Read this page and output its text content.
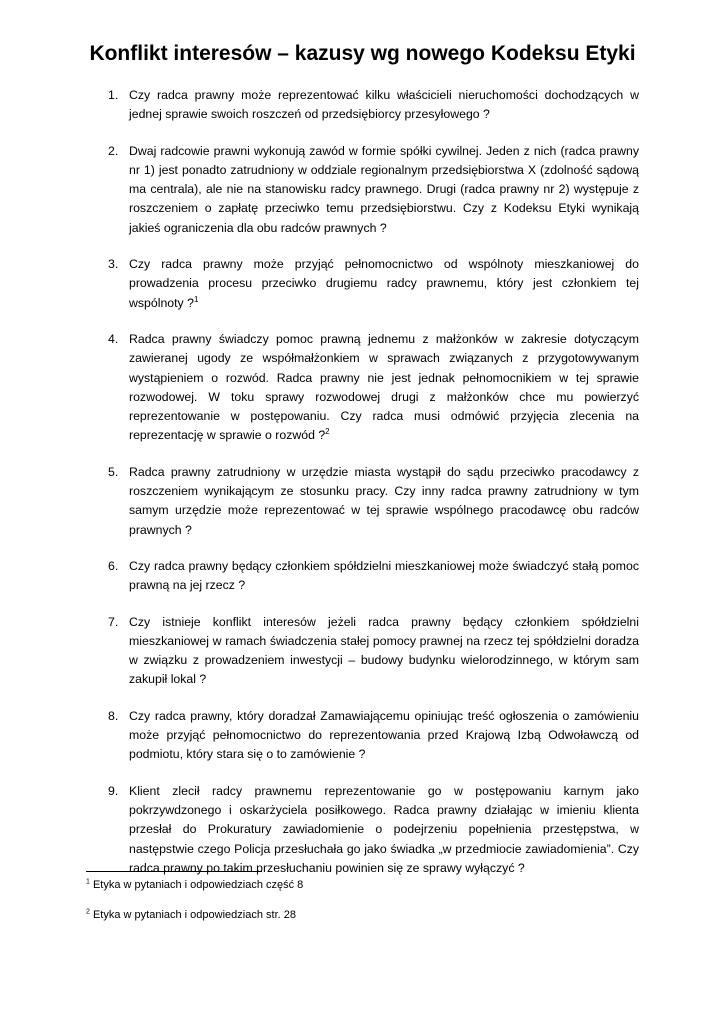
Konflikt interesów – kazusy wg nowego Kodeksu Etyki
1. Czy radca prawny może reprezentować kilku właścicieli nieruchomości dochodzących w jednej sprawie swoich roszczeń od przedsiębiorcy przesyłowego ?
2. Dwaj radcowie prawni wykonują zawód w formie spółki cywilnej. Jeden z nich (radca prawny nr 1) jest ponadto zatrudniony w oddziale regionalnym przedsiębiorstwa X (zdolność sądową ma centrala), ale nie na stanowisku radcy prawnego. Drugi (radca prawny nr 2) występuje z roszczeniem o zapłatę przeciwko temu przedsiębiorstwu. Czy z Kodeksu Etyki wynikają jakieś ograniczenia dla obu radców prawnych ?
3. Czy radca prawny może przyjąć pełnomocnictwo od wspólnoty mieszkaniowej do prowadzenia procesu przeciwko drugiemu radcy prawnemu, który jest członkiem tej wspólnoty ?$^1$
4. Radca prawny świadczy pomoc prawną jednemu z małżonków w zakresie dotyczącym zawieranej ugody ze współmałżonkiem w sprawach związanych z przygotowywanym wystąpieniem o rozwód. Radca prawny nie jest jednak pełnomocnikiem w tej sprawie rozwodowej. W toku sprawy rozwodowej drugi z małżonków chce mu powierzyć reprezentowanie w postępowaniu. Czy radca musi odmówić przyjęcia zlecenia na reprezentację w sprawie o rozwód ?$^2$
5. Radca prawny zatrudniony w urzędzie miasta wystąpił do sądu przeciwko pracodawcy z roszczeniem wynikającym ze stosunku pracy. Czy inny radca prawny zatrudniony w tym samym urzędzie może reprezentować w tej sprawie wspólnego pracodawcę obu radców prawnych ?
6. Czy radca prawny będący członkiem spółdzielni mieszkaniowej może świadczyć stałą pomoc prawną na jej rzecz ?
7. Czy istnieje konflikt interesów jeżeli radca prawny będący członkiem spółdzielni mieszkaniowej w ramach świadczenia stałej pomocy prawnej na rzecz tej spółdzielni doradza w związku z prowadzeniem inwestycji – budowy budynku wielorodzinnego, w którym sam zakupił lokal ?
8. Czy radca prawny, który doradzał Zamawiającemu opiniując treść ogłoszenia o zamówieniu może przyjąć pełnomocnictwo do reprezentowania przed Krajową Izbą Odwoławczą od podmiotu, który stara się o to zamówienie ?
9. Klient zlecił radcy prawnemu reprezentowanie go w postępowaniu karnym jako pokrzywdzonego i oskarżyciela posiłkowego. Radca prawny działając w imieniu klienta przesłał do Prokuratury zawiadomienie o podejrzeniu popełnienia przestępstwa, w następstwie czego Policja przesłuchała go jako świadka „w przedmiocie zawiadomienia”. Czy radca prawny po takim przesłuchaniu powinien się ze sprawy wyłączyć ?
$^1$ Etyka w pytaniach i odpowiedziach część 8
$^2$ Etyka w pytaniach i odpowiedziach str. 28
